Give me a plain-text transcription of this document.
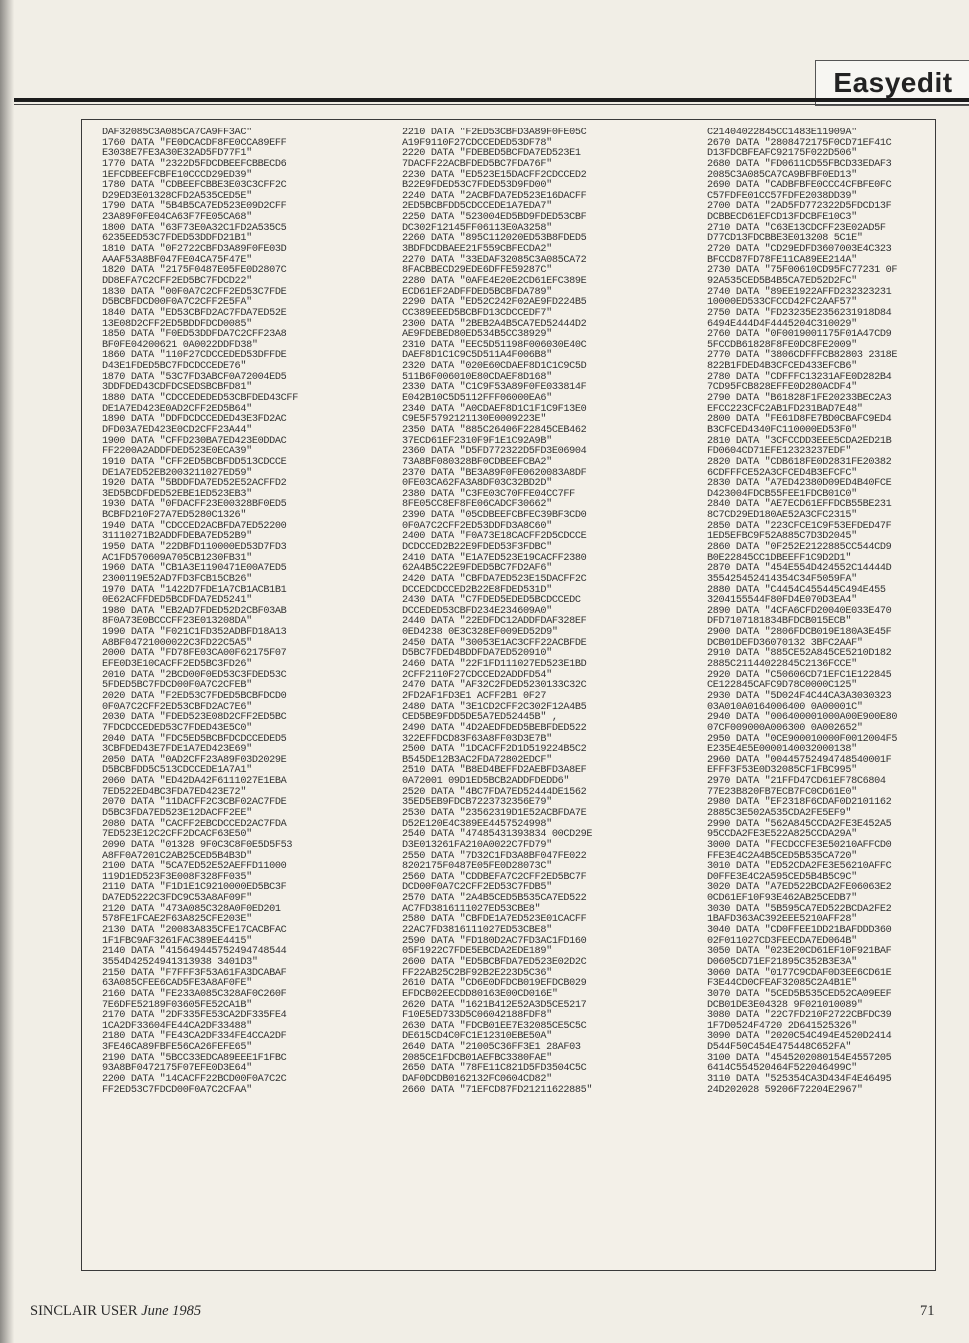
Easyedit
DAF32085C3A085CA7CA9FF3AC"
1760 DATA "FE0DCACDF8FE0CCA89EFF
E3038E7FE3A30E32AD5FD77F1"
1770 DATA "2322D5FDCDBEEFCBBECD6
1EFCDBEEFCBFE10CCCD29ED39"
1780 DATA "CDBEEFCBBE3E03C3CFF2C
D29ED3E01328CFD2A535CED5E"
1790 DATA "5B4B5CA7ED523E09D2CFF
23A89F0FE04CA63F7FE05CA68"
1800 DATA "63F73E0A32C1FD2A535C5
6235EED53C7FDED53DDFD21B1"
1810 DATA "0F2722CBFD3A89F0FE03D
AAAF53A8BF047FE04CA75F47E"
1820 DATA "2175F0487E05FE0D2807C
DD8EFA7C2CFF2ED5BC7FDCD22"
1830 DATA "00F0A7C2CFF2ED53C7FDE
D5BCBFDCD00F0A7C2CFF2E5FA"
1840 DATA "ED53CBFD2AC7FDA7ED52E
13E08D2CFF2ED5BDDFDCD0085"
1850 DATA "F0ED53DDFDA7C2CFF23A8
BF0FE04200621 0A0022DDFD38"
1860 DATA "110F27CDCCEDED53DFFDE
D43E1FDED5BC7FDCDCCEDE76"
1870 DATA "53C7FD3ABCF0A72004ED5
3DDFDED43CDFDCSEDSBCBFD81"
1880 DATA "CDCCEDEDED53CBFDED43CFF
DE1A7ED423E0AD2CFF2ED5B64"
1890 DATA "DDFDCDCCEDED43E3FD2AC
DFD03A7ED423E0CD2CFF23A44"
1900 DATA "CFFD230BA7ED423E0DDAC
FF2200A2ADDFDED523E0ECA39"
1910 DATA "CFF2ED5BCBFDD513CDCCE
DE1A7ED52EB2003211027ED59"
1920 DATA "5BDDFDA7ED52E52ACFFD2
3ED5BCDFDED52EBE1ED523EB3"
1930 DATA "0FDACFF23E00328BF0ED5
BCBFD210F27A7ED5280C1326"
1940 DATA "CDCCED2ACBFDA7ED52200
31110271B2ADDFDEBA7ED52B9"
1950 DATA "22DBFD110000ED53D7FD3
AC1FD570609A705CB1230FB31"
1960 DATA "CB1A3E1190471E00A7ED5
2300119E52AD7FD3FCB15CB26"
1970 DATA "1422D7FDE1A7CB1ACB1B1
0E62ACFFDED5BCDFDA7ED5241"
1980 DATA "EB2AD7FDED52D2CBF03AB
8F0A73E0BCCCFF23E013208DA"
1990 DATA "F021C1FD352ADBFD18A13
A8BF04721000022C3FD22C5A5"
2000 DATA "FD78FE03CA00F62175F07
EFE0D3E10CACFF2ED5BC3FD26"
2010 DATA "2BCD00F0ED53C3FDED53C
5FDED5BC7FDCD00F0A7C2CFEB"
2020 DATA "F2ED53C7FDED5BCBFDCD0
0F0A7C2CFF2ED53CBFD2AC7E6"
2030 DATA "FDED523E08D2CFF2ED5BC
7FDCDCCEDED53C7FDED43E5C0"
2040 DATA "FDC5ED5BCBFDCDCCEDED5
3CBFDED43E7FDE1A7ED423E69"
2050 DATA "0AD2CFF23A89F03D2029E
D5BCBFDD5C513CDCCEDE1A7A1"
2060 DATA "ED42DA42F6111027E1EBA
7ED522ED4BC3FDA7ED423E72"
2070 DATA "11DACFF2C3CBF02AC7FDE
D5BC3FDA7ED523E12DACFF2EE"
2080 DATA "CACFF2EBCDCCED2AC7FDA
7ED523E12C2CFF2DCACF63E50"
2090 DATA "01328 9F0C3C8F0E5D5F53
A8FF0A7201C2AB25CED5B4B3D"
2100 DATA "5CA7ED52E52AEFFD11000
119D1ED523F3E008F328FF035"
2110 DATA "F1D1E1C9210000ED5BC3F
DA7ED5222C3FDC9C53A8AF09F"
2120 DATA "473A085C328A0F0ED201
578FE1FCAE2F63A825CFE203E"
2130 DATA "20083A835CFE17CACBFAC
1F1FBC9AF3261FAC389EE4415"
2140 DATA "415649445752494748544
3554D42524941313938 3401D3"
2150 DATA "F7FFF3F53A61FA3DCABAF
63A085CFEE6CAD5FE3A8AF0FE"
2160 DATA "FE233A085C328AF0C260F
7E6DFE52189F03605FE52CA1B"
2170 DATA "2DF335FE53CA2DF335FE4
1CA2DF33604FE44CA2DF33488"
2180 DATA "FE43CA2DF334FE4CCA2DF
3FE46CA89FBFE56CA26FEFE65"
2190 DATA "5BCC33EDCA89EEE1F1FBC
93A8BF0472175F07EFE0D3E64"
2200 DATA "14CACFF22BCD00F0A7C2C
FF2ED53C7FDCD00F0A7C2CFAA"
2210 DATA "F2ED53CBFD3A89F0FE05C
A19F9110F27CDCCEDED53DF78"
2220 DATA "FDEBED5BCFDA7ED523E1
7DACFF22ACBFDED5BC7FDA76F"
2230 DATA "ED523E15DACFF2CDCCED2
B22E9FDED53C7FDED53D9FD00"
2240 DATA "2ACBFDA7ED523E16DACFF
2ED5BCBFDD5CDCCEDE1A7EDA7"
2250 DATA "523004ED5BD9FDED53CBF
DC302F12145FF06113E0A3258"
2260 DATA "895C112020ED53B8FDED5
3BDFDCDBAEE21F559CBFECDA2"
2270 DATA "33EDAF32085C3A085CA72
8FACBBECD29EDE6DFFE59287C"
2280 DATA "0AFE4E20E2CD61EFC389E
ECD61EF2ADFFDED5BCBFDA789"
2290 DATA "ED52C242F02AE9FD224B5
CC389EEED5BCBFD13CDCCEDF7"
2300 DATA "2BEB2A4B5CA7ED52444D2
AE9FDEBED80ED534B5CC38929"
2310 DATA "EEC5D51198F006030E40C
DAEF8D1C1C9C5D511A4F006B8"
2320 DATA "020E60CDAEF8D1C1C9C5D
511B6F006010E80CDAEF8D168"
2330 DATA "C1C9F53A89F0FE033814F
E042B10C5D5112FFF06000EA6"
2340 DATA "A0CDAEF8D1C1F1C9F13E0
C9E5F5792121130E0009223E"
2350 DATA "885C26406F22845CEB462
37ECD61EF2310F9F1E1C92A9B"
2360 DATA "D5FD772322D5FD3E06904
73A8BF080328BF0CDBEEFCBA2"
2370 DATA "BE3A89F0FE0620083A8DF
0FE03CA62FA3A8DF03C32BD2D"
2380 DATA "C3FE03C70FFE04CC7FF
8FE05CC8EF8FE06CADCF30662"
2390 DATA "05CDBEEFCBFEC39BF3CD0
0F0A7C2CFF2ED53DDFD3A8C60"
2400 DATA "F0A73E18CACFF2D5CDCCE
DCDCCED2B22E9FDED53F3FDBC"
2410 DATA "E1A7ED523E19CACFF2380
62A4B5C22E9FDED5BC7FD2AF6"
2420 DATA "CBFDA7ED523E15DACFF2C
DCCEDCDCCED2B22E8FDED531D"
2430 DATA "C7FDED5EDED5BCDCCEDC
DCCEDED53CBFD234E234609A0"
2440 DATA "22EDFDC12ADDFDAF328EF
0ED4238 0E3C328EF009ED52D9"
2450 DATA "30053E1AC3CFF22ACBFDE
D5BC7FDED4BDDFDA7ED520910"
2460 DATA "22F1FD111027ED523E1BD
2CFF2110F27CDCCED2ADDFD54"
2470 DATA "AF32C2FDED5230133C32C
2FD2AF1FD3E1 ACFF2B1 0F27
2480 DATA "3E1CD2CFF2C302F12A4B5
CED5BE9FDD5DE5A7ED52445B" ,
2490 DATA "4D2AEDFDED5BEBFDED522
322EFFDCD83F63A8FF03D3E7B"
2500 DATA "1DCACFF2D1D519224B5C2
B545DE12B3AC2FDA72802EDCF"
2510 DATA "B8ED4BEFFD2AEBFD3A8EF
0A72001 09D1ED5BCB2ADDFDEDD6"
2520 DATA "4BC7FDA7ED52444DE1562
35ED5EB9FDCB7223732356E79"
2530 DATA "23562319D1E52ACBFDA7E
D52E120E4C389EE4457524998"
2540 DATA "47485431393834 00CD29E
D3E013261FA210A0022C7FD79"
2550 DATA "7D32C1FD3A8BF047FE022
8202175F0487E05FE0D28073C"
2560 DATA "CDDBEFA7C2CFF2ED5BC7F
DCD00F0A7C2CFF2ED53C7FDB5"
2570 DATA "2A4B5CED5B535CA7ED522
AC7FD3816111027ED53CBE8"
2580 DATA "CBFDE1A7ED523E01CACFF
22AC7FD3816111027ED53CBE8"
2590 DATA "FD180D2AC7FD3AC1FD160
05F1922C7FDE5EBCDA2EDE189"
2600 DATA "ED5BCBFDA7ED523E02D2C
FF22AB25C2BF92B2E223D5C36"
2610 DATA "CD6E0DFDCB019EFDCB029
EFDCB02EECDD80163E00CD016E"
2620 DATA "1621B412E52A3D5CE5217
F10E5ED733D5C06042188FDF8"
2630 DATA "FDCB01EE7E32085CE5C5C
DE615CD4C0FC1E12310EBE50A"
2640 DATA "21005C36FF3E1 28AF03
2085CE1FDCB01AEFBC3380FAE"
2650 DATA "78FE11C821D5FD3504C5C
DAF0DCDB0162132FC0604CD82"
2660 DATA "71EFCD87FD21211622885"
C21404022845CC1483E11909A"
2670 DATA "2808472175F0CD71EF41C
D13FDCBFEAFC92175F022D506"
2680 DATA "FD0611CD55FBCD33EDAF3
2085C3A085CA7CA9BFBF0ED13"
2690 DATA "CADBFBFE0CCC4CFBFE0FC
C57FDFE01CC57FDFE2038DD39"
2700 DATA "2AD5FD772322D5FDCD13F
DCBBECD61EFCD13FDCBFE10C3"
2710 DATA "C63E13CDCFF23E02AD5F
D77CD13FDCBBE3E013208 5C1E"
2720 DATA "CD29EDFD3607003E4C323
BFCCD87FD78FE11CA89EE214A"
2730 DATA "75F00610CD95FC77231 0F
92A535CED5B4B5CA7ED52D2FC"
2740 DATA "89EE1922AFFD232323231
10000ED533CFCCD42FC2AAF57"
2750 DATA "FD23235E2356231918D84
6494E444D4F4445204C310029"
2760 DATA "0F0019001175F01A47CD9
5FCCDB61828F8FE0DC8FE2009"
2770 DATA "3806CDFFFCB82803 2318E
822B1FDED4B3CFCED433EFCB6"
2780 DATA "CDFFFC13231AFE0D282B4
7CD95FCB828EFFE0D280ACDF4"
2790 DATA "B61828F1FE20233BEC2A3
EFCC223CFC2AB1FD231BAD7E48"
2800 DATA "FE61D8FE7BD0CBAFC9ED4
B3CFCED4340FC110000ED53F0"
2810 DATA "3CFCCDD3EEE5CDA2ED21B
FD0604CD71EFE12323237EDF"
2820 DATA "CDB618FE0D2831FE20382
6CDFFFCE52A3CFCED4B3EFCFC"
2830 DATA "A7ED42380D09ED4B40FCE
D423004FDCB55FEE1FDCB01C0"
2840 DATA "AE7ECD61EFFDCB55BE231
8C7CD29ED180AE52A3CFC2315"
2850 DATA "223CFCE1C9F53EFDED47F
1ED5EFBC9F52A885C7D3D2045"
2860 DATA "0F252E2122885CC544CD9
B0E22845CC1DBEEFF1C9D2D1"
2870 DATA "454E554D424552C14444D
355425452414354C34F5059FA"
2880 DATA "C4454C455445C494E455
3204155544F80FD4E070D3EA4"
2890 DATA "4CFA6CFD20040E033E470
DFD7107181834BFDCB015ECB"
2900 DATA "2806FDCB019E180A3E45F
DCB01DEFD36070132 3BFC2AAF"
2910 DATA "885CE52A845CE5210D182
2885C21144022845C2136FCCE"
2920 DATA "C50606CD71EFC1E122845
CE122845CAFC9D78C0000C125"
2930 DATA "5D024F4C44CA3A3030323
03A010A0164006400 0A00001C"
2940 DATA "006400001000A00E900E80
07CF009000A006300 0A002652"
2950 DATA "0CE900010000F0012004F5
E235E4E5E0000140032000138"
2960 DATA "00445752494748540001F
EFFF3F53E0D32085CF1FBC995"
2970 DATA "21FFD47CD61EF78C6804
77E23B820FB7ECB7FC0CD61E0"
2980 DATA "EF2318F6CDAF0D2101162
2885C3E502A535CDA2FE5EF9"
2990 DATA "562A845CCDA2FE3E452A5
95CCDA2FE3E522A825CCDA29A"
3000 DATA "FECDCCFE3E50210AFFCD0
FFE3E4C2A4B5CED5B535CA720"
3010 DATA "ED52CDA2FE3E56210AFFC
D0FFE3E4C2A595CED5B4B5C9C"
3020 DATA "A7ED522BCDA2FE06063E2
0CD61EF10F93E462AB25CEDB7"
3030 DATA "5B595CA7ED522BCDA2FE2
1BAFD363AC392EEE5210AFF28"
3040 DATA "CD0FFEE1DD21BAFDDD360
02F011027CD3FEECDA7ED064B"
3050 DATA "023E20CD61EF10F921BAF
D0605CD71EF21895C352B3E3A"
3060 DATA "0177C9CDAF0D3EE6CD61E
F3E44CD0CFEAF32085C2A4B1E"
3070 DATA "5CED5B535CED52CA09EEF
DCB01DE3E04328 9F021010089"
3080 DATA "22C7FD210F2722CBFDC39
1F7D0524F4720 2D641525326"
3090 DATA "2020C54C494E4520D2414
D544F50C454E475448C652FA"
3100 DATA "4545202080154E4557205
6414C554520464F522046499C"
3110 DATA "525354CA3D434F4E46495
24D202028 59206F72204E2967"
SINCLAIR USER June 1985	71
